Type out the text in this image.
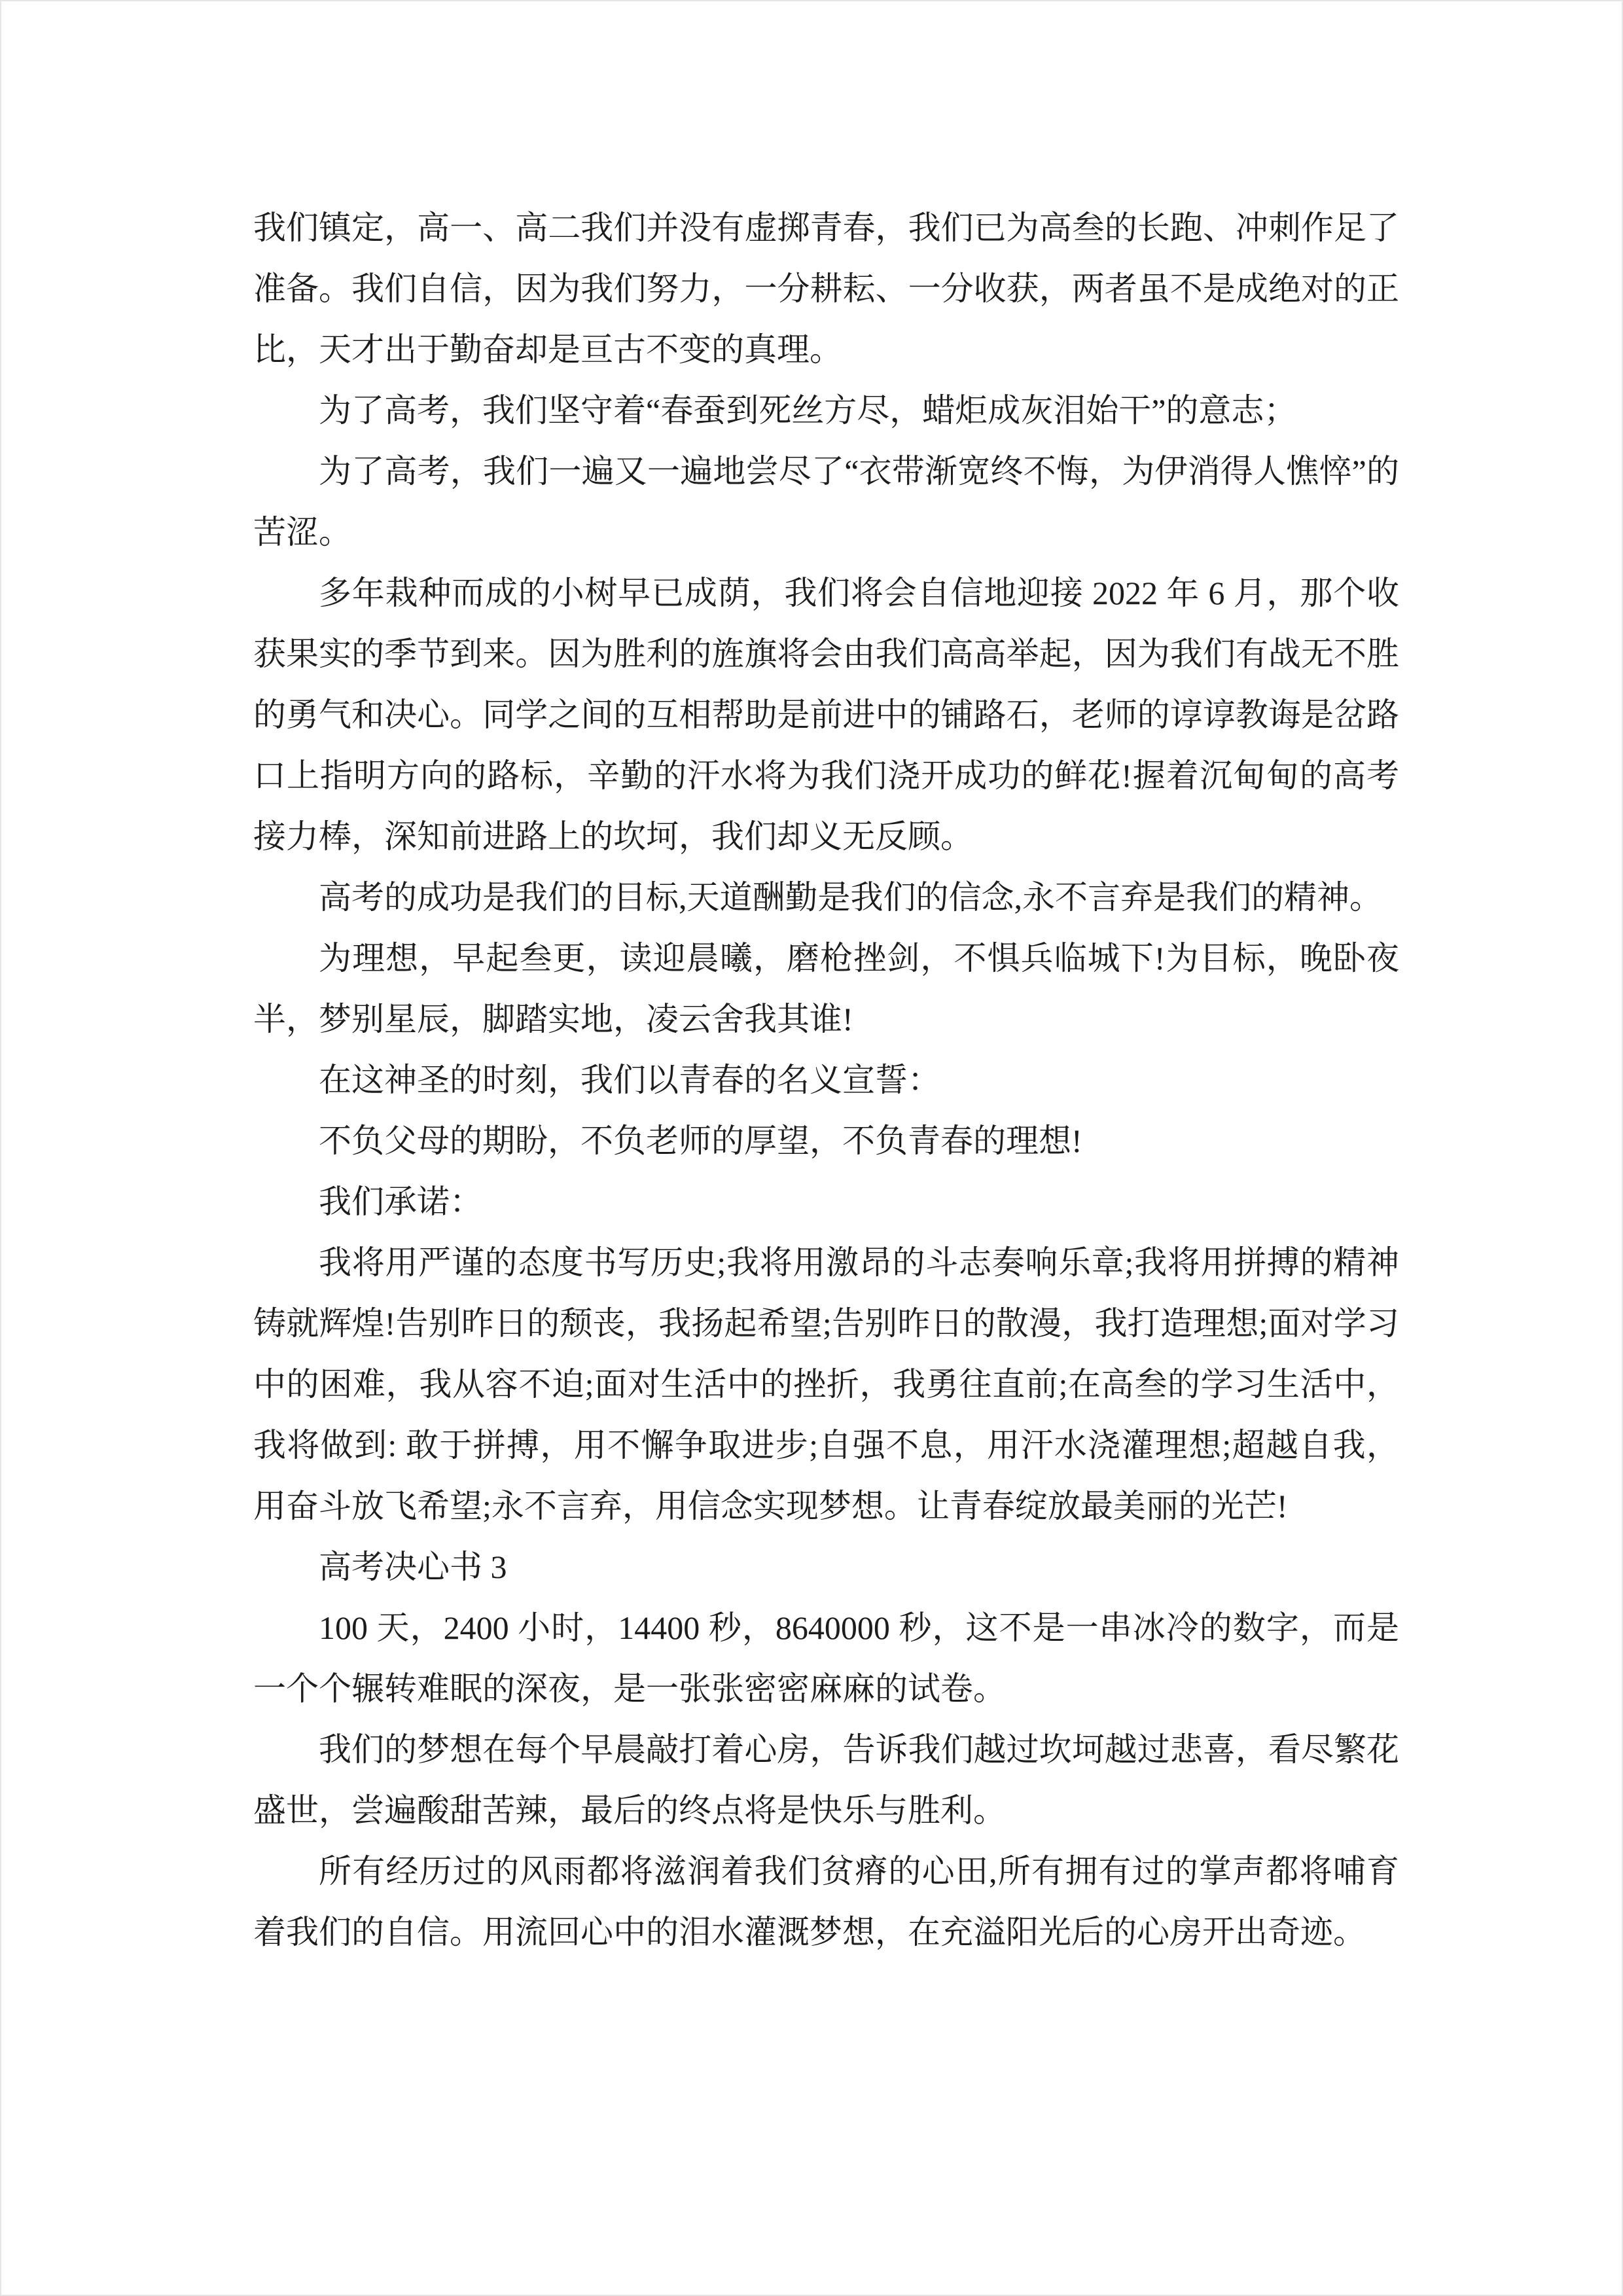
我们镇定，高一、高二我们并没有虚掷青春，我们已为高叁的长跑、冲刺作足了准备。我们自信，因为我们努力，一分耕耘、一分收获，两者虽不是成绝对的正比，天才出于勤奋却是亘古不变的真理。

为了高考，我们坚守着“春蚕到死丝方尽，蜡炬成灰泪始干”的意志；

为了高考，我们一遍又一遍地尝尽了“衣带渐宽终不悔，为伊消得人憔悴”的苦涩。

多年栽种而成的小树早已成荫，我们将会自信地迎接 2022 年 6 月，那个收获果实的季节到来。因为胜利的旌旗将会由我们高高举起，因为我们有战无不胜的勇气和决心。同学之间的互相帮助是前进中的铺路石，老师的谆谆教诲是岔路口上指明方向的路标，辛勤的汗水将为我们浇开成功的鲜花!握着沉甸甸的高考接力棒，深知前进路上的坎坷，我们却义无反顾。

高考的成功是我们的目标,天道酬勤是我们的信念,永不言弃是我们的精神。

为理想，早起叁更，读迎晨曦，磨枪挫剑，不惧兵临城下!为目标，晚卧夜半，梦别星辰，脚踏实地，凌云舍我其谁!

在这神圣的时刻，我们以青春的名义宣誓：

不负父母的期盼，不负老师的厚望，不负青春的理想!

我们承诺：

我将用严谨的态度书写历史;我将用激昂的斗志奏响乐章;我将用拼搏的精神铸就辉煌!告别昨日的颓丧，我扬起希望;告别昨日的散漫，我打造理想;面对学习中的困难，我从容不迫;面对生活中的挫折，我勇往直前;在高叁的学习生活中，我将做到: 敢于拼搏，用不懈争取进步;自强不息，用汗水浇灌理想;超越自我，用奋斗放飞希望;永不言弃，用信念实现梦想。让青春绽放最美丽的光芒!

高考决心书 3

100 天，2400 小时，14400 秒，8640000 秒，这不是一串冰冷的数字，而是一个个辗转难眠的深夜，是一张张密密麻麻的试卷。

我们的梦想在每个早晨敲打着心房，告诉我们越过坎坷越过悲喜，看尽繁花盛世，尝遍酸甜苦辣，最后的终点将是快乐与胜利。

所有经历过的风雨都将滋润着我们贫瘠的心田,所有拥有过的掌声都将哺育着我们的自信。用流回心中的泪水灌溉梦想，在充溢阳光后的心房开出奇迹。
